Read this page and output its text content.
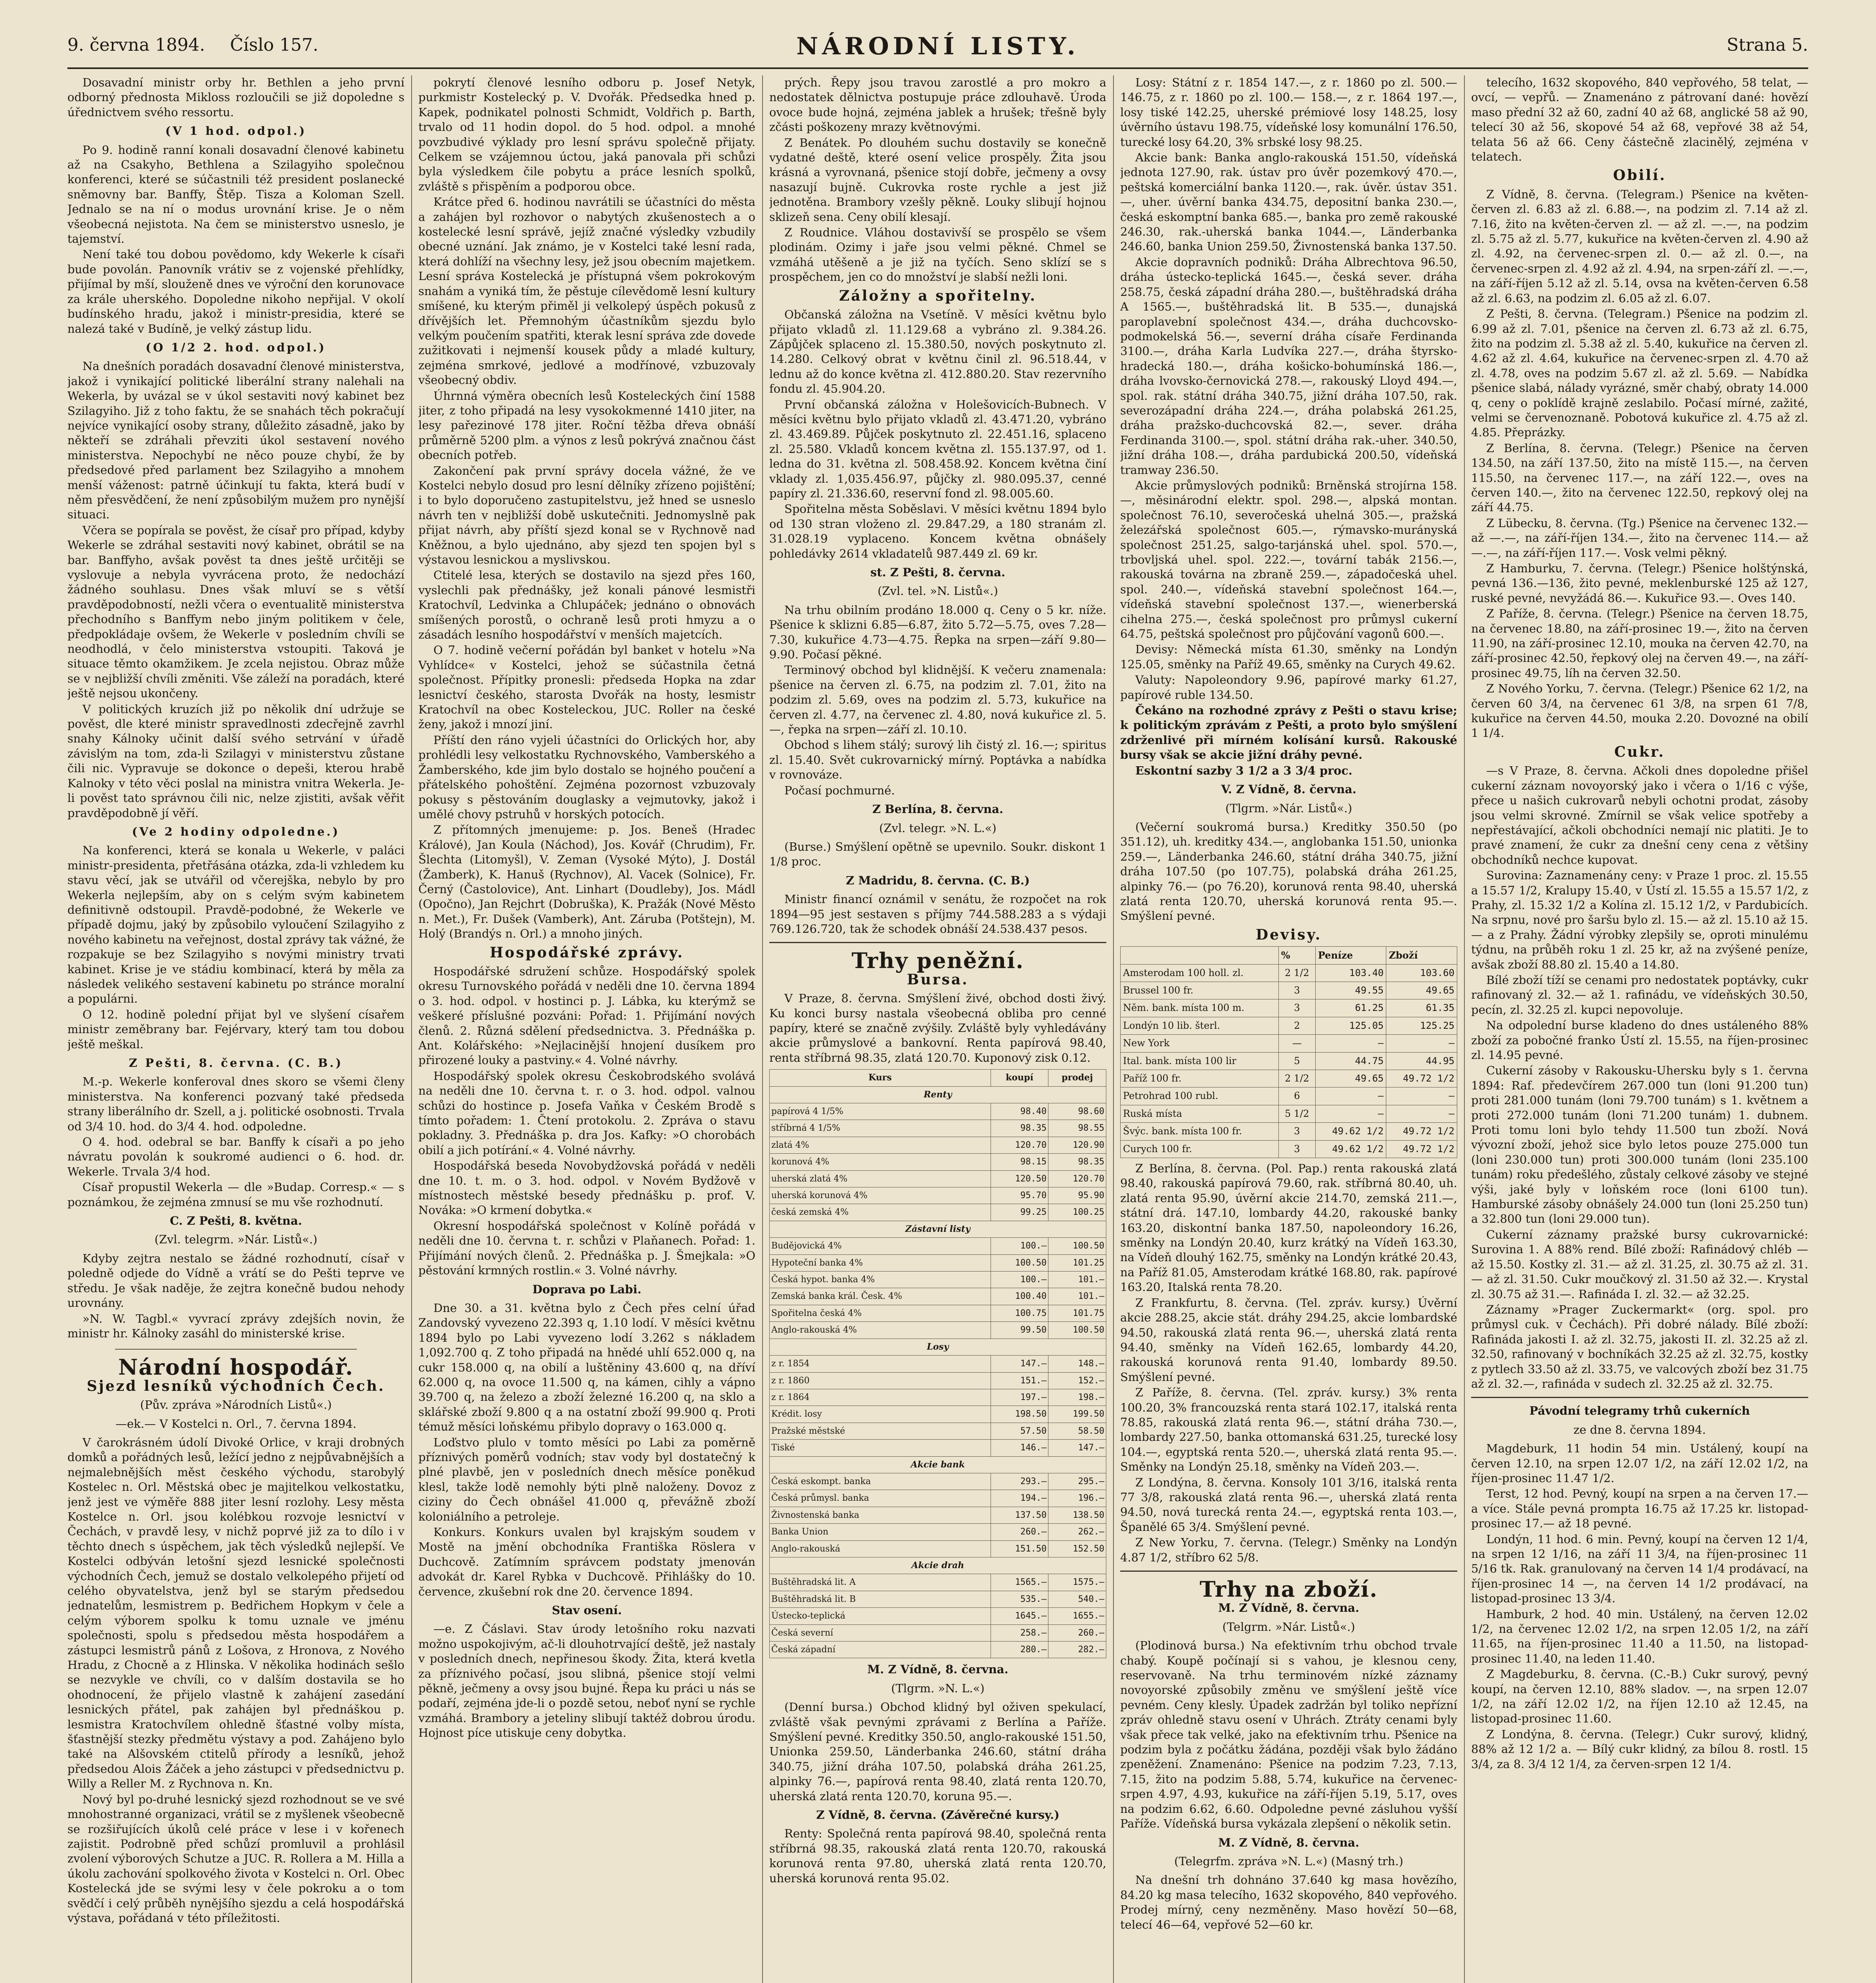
9. června 1894. Číslo 157.	NÁRODNÍ LISTY.	Strana 5.

Dosavadní ministr orby hr. Bethlen a jeho první odborný přednosta Mikloss rozloučili se již dopoledne s úřednictvem svého ressortu.

(V 1 hod. odpol.)

Po 9. hodině ranní konali dosavadní členové kabinetu až na Csakyho, Bethlena a Szilagyiho společnou konferenci, které se súčastnili též president poslanecké sněmovny bar. Banffy, Štěp. Tisza a Koloman Szell. Jednalo se na ní o modus urovnání krise. Je o něm všeobecná nejistota. Na čem se ministerstvo usneslo, je tajemství.

Není také tou dobou povědomo, kdy Wekerle k císaři bude povolán. Panovník vrátiv se z vojenské přehlídky, přijímal by mší, slouženě dnes ve výroční den korunovace za krále uherského. Dopoledne nikoho nepřijal. V okolí budínského hradu, jakož i ministr-presidia, které se nalezá také v Budíně, je velký zástup lidu.

(O 1/2 2. hod. odpol.)

Na dnešních poradách dosavadní členové ministerstva, jakož i vynikající politické liberální strany nalehali na Wekerla, by uvázal se v úkol sestaviti nový kabinet bez Szilagyiho. Již z toho faktu, že se snahách těch pokračují nejvíce vynikající osoby strany, důležito zásadně, jako by někteří se zdráhali převziti úkol sestavení nového ministerstva. Nepochybí ne něco pouze chybí, že by předsedové před parlament bez Szilagyiho a mnohem menší váženost: patrně účinkují tu fakta, která budí v něm přesvědčení, že není způsobilým mužem pro nynější situaci.

Včera se popírala se pověst, že císař pro případ, kdyby Wekerle se zdráhal sestaviti nový kabinet, obrátil se na bar. Banffyho, avšak pověst ta dnes ještě určitěji se vyslovuje a nebyla vyvrácena proto, že nedochází žádného souhlasu. Dnes však mluví se s větší pravděpodobností, nežli včera o eventualitě ministerstva přechodního s Banffym nebo jiným politikem v čele, předpokládaje ovšem, že Wekerle v posledním chvíli se neodhodlá, v čelo ministerstva vstoupiti. Taková je situace těmto okamžikem. Je zcela nejistou. Obraz může se v nejbližší chvíli změniti. Vše záleží na poradách, které ještě nejsou ukončeny.

V politických kruzích již po několik dní udržuje se pověst, dle které ministr spravedlnosti zdecřejně zavrhl snahy Kálnoky učinit další svého setrvání v úřadě závislým na tom, zda-li Szilagyi v ministerstvu zůstane čili nic. Vypravuje se dokonce o depeši, kterou hrabě Kalnoky v této věci poslal na ministra vnitra Wekerla. Je-li pověst tato správnou čili nic, nelze zjistiti, avšak věřit pravděpodobně jí věří.

(Ve 2 hodiny odpoledne.)

Na konferenci, která se konala u Wekerle, v paláci ministr-presidenta, přetřásána otázka, zda-li vzhledem ku stavu věcí, jak se utvářil od včerejška, nebylo by pro Wekerla nejlepším, aby on s celým svým kabinetem definitivně odstoupil. Pravdě-podobné, že Wekerle ve případě dojmu, jaký by způsobilo vyloučení Szilagyiho z nového kabinetu na veřejnost, dostal zprávy tak vážné, že rozpakuje se bez Szilagyiho s novými ministry trvati kabinet. Krise je ve stádiu kombinací, která by měla za následek velikého sestavení kabinetu po stránce moralní a populárni.

O 12. hodině polední přijat byl ve slyšení císařem ministr zeměbrany bar. Fejérvary, který tam tou dobou ještě meškal.

Z Pešti, 8. června. (C. B.)

M.-p. Wekerle konferoval dnes skoro se všemi členy ministerstva. Na konferenci pozvaný také předseda strany liberálního dr. Szell, a j. politické osobnosti. Trvala od 3/4 10. hod. do 3/4 4. hod. odpoledne.

O 4. hod. odebral se bar. Banffy k císaři a po jeho návratu povolán k soukromé audienci o 6. hod. dr. Wekerle. Trvala 3/4 hod.

Císař propustil Wekerla — dle »Budap. Corresp.« — s poznámkou, že zejména zmnusí se mu vše rozhodnutí.

C. Z Pešti, 8. května.

(Zvl. telegrm. »Nár. Listů«.)

Kdyby zejtra nestalo se žádné rozhodnutí, císař v poledně odjede do Vídně a vrátí se do Pešti teprve ve středu. Je však naděje, že zejtra konečně budou nehody urovnány.

»N. W. Tagbl.« vyvrací zprávy zdejších novin, že ministr hr. Kálnoky zasáhl do ministerské krise.

Národní hospodář.
Sjezd lesníků východních Čech.

(Pův. zpráva »Národních Listů«.)

—ek.— V Kostelci n. Orl., 7. června 1894.

V čarokrásném údolí Divoké Orlice, v kraji drobných domků a pořádných lesů, ležící jedno z nejpůvabnějších a nejmalebnějších měst českého východu, starobylý Kostelec n. Orl. Městská obec je majitelkou velkostatku, jenž jest ve výměře 888 jiter lesní rozlohy. Lesy města Kostelce n. Orl. jsou kolébkou rozvoje lesnictví v Čechách, v pravdě lesy, v nichž poprvé již za to dílo i v těchto dnech s úspěchem, jak těch výsledků nejlepší. Ve Kostelci odbýván letošní sjezd lesnické společnosti východních Čech, jemuž se dostalo velkolepého přijetí od celého obyvatelstva, jenž byl se starým předsedou jednatelům, lesmistrem p. Bedřichem Hopkym v čele a celým výborem spolku k tomu uznale ve jménu společnosti, spolu s předsedou města hospodářem a zástupci lesmistrů pánů z Lošova, z Hronova, z Nového Hradu, z Chocně a z Hlinska. V několika hodinách sešlo se nezvykle ve chvíli, co v dalším dostavila se ho ohodnocení, že přijelo vlastně k zahájení zasedání lesnických přátel, pak zahájen byl přednáškou p. lesmistra Kratochvílem ohledně šťastné volby místa, šťastnější stezky předmětu výstavy a pod. Zahájeno bylo také na Alšovském ctitelů přírody a lesníků, jehož předsedou Alois Žáček a jeho zástupci v předsednictvu p. Willy a Reller M. z Rychnova n. Kn.

Nový byl po-druhé lesnický sjezd rozhodnout se ve své mnohostranné organizaci, vrátil se z myšlenek všeobecně se rozšiřujících úkolů celé práce v lese i v kořenech zajistit. Podrobně před schůzí promluvil a prohlásil zvolení výborových Schutze a JUC. R. Rollera a M. Hilla a úkolu zachování spolkového života v Kostelci n. Orl. Obec Kostelecká jde se svými lesy v čele pokroku a o tom svědčí i celý průběh nynějšího sjezdu a celá hospodářská výstava, pořádaná v této příležitosti.

pokrytí členové lesního odboru p. Josef Netyk, purkmistr Kostelecký p. V. Dvořák. Předsedka hned p. Kapek, podnikatel polnosti Schmidt, Voldřich p. Barth, trvalo od 11 hodin dopol. do 5 hod. odpol. a mnohé povzbudivé výklady pro lesní správu společně přijaty. Celkem se vzájemnou úctou, jaká panovala při schůzi byla výsledkem čile pobytu a práce lesních spolků, zvláště s přispěním a podporou obce.

Krátce před 6. hodinou navrátili se účastníci do města a zahájen byl rozhovor o nabytých zkušenostech a o kostelecké lesní správě, jejíž značné výsledky vzbudily obecné uznání. Jak známo, je v Kostelci také lesní rada, která dohlíží na všechny lesy, jež jsou obecním majetkem. Lesní správa Kostelecká je přístupná všem pokrokovým snahám a vyniká tím, že pěstuje cílevědomě lesní kultury smíšené, ku kterým přiměl ji velkolepý úspěch pokusů z dřívějších let. Přemnohým účastníkům sjezdu bylo velkým poučením spatřiti, kterak lesní správa zde dovede zužitkovati i nejmenší kousek půdy a mladé kultury, zejména smrkové, jedlové a modřínové, vzbuzovaly všeobecný obdiv.

Úhrnná výměra obecních lesů Kosteleckých činí 1588 jiter, z toho připadá na lesy vysokokmenné 1410 jiter, na lesy pařezinové 178 jiter. Roční těžba dřeva obnáší průměrně 5200 plm. a výnos z lesů pokrývá značnou část obecních potřeb.

Zakončení pak první správy docela vážné, že ve Kostelci nebylo dosud pro lesní dělníky zřízeno pojištění; i to bylo doporučeno zastupitelstvu, jež hned se usneslo návrh ten v nejbližší době uskutečniti. Jednomyslně pak přijat návrh, aby příští sjezd konal se v Rychnově nad Kněžnou, a bylo ujednáno, aby sjezd ten spojen byl s výstavou lesnickou a myslivskou.

Ctitelé lesa, kterých se dostavilo na sjezd přes 160, vyslechli pak přednášky, jež konali pánové lesmistři Kratochvíl, Ledvinka a Chlupáček; jednáno o obnovách smíšených porostů, o ochraně lesů proti hmyzu a o zásadách lesního hospodářství v menších majetcích.

O 7. hodině večerní pořádán byl banket v hotelu »Na Vyhlídce« v Kostelci, jehož se súčastnila četná společnost. Přípitky pronesli: předseda Hopka na zdar lesnictví českého, starosta Dvořák na hosty, lesmistr Kratochvíl na obec Kosteleckou, JUC. Roller na české ženy, jakož i mnozí jiní.

Příští den ráno vyjeli účastníci do Orlických hor, aby prohlédli lesy velkostatku Rychnovského, Vamberského a Žamberského, kde jim bylo dostalo se hojného poučení a přátelského pohoštění. Zejména pozornost vzbuzovaly pokusy s pěstováním douglasky a vejmutovky, jakož i umělé chovy pstruhů v horských potocích.

Z přítomných jmenujeme: p. Jos. Beneš (Hradec Králové), Jan Koula (Náchod), Jos. Kovář (Chrudim), Fr. Šlechta (Litomyšl), V. Zeman (Vysoké Mýto), J. Dostál (Žamberk), K. Hanuš (Rychnov), Al. Vacek (Solnice), Fr. Černý (Častolovice), Ant. Linhart (Doudleby), Jos. Mádl (Opočno), Jan Rejchrt (Dobruška), K. Pražák (Nové Město n. Met.), Fr. Dušek (Vamberk), Ant. Záruba (Potštejn), M. Holý (Brandýs n. Orl.) a mnoho jiných.

Hospodářské zprávy.

Hospodářské sdružení schůze. Hospodářský spolek okresu Turnovského pořádá v neděli dne 10. června 1894 o 3. hod. odpol. v hostinci p. J. Lábka, ku kterýmž se veškeré příslušné pozváni: Pořad: 1. Přijímání nových členů. 2. Různá sdělení předsednictva. 3. Přednáška p. Ant. Kolářského: »Nejlacinější hnojení dusíkem pro přirozené louky a pastviny.« 4. Volné návrhy.

Hospodářský spolek okresu Českobrodského svolává na neděli dne 10. června t. r. o 3. hod. odpol. valnou schůzi do hostince p. Josefa Vaňka v Českém Brodě s tímto pořadem: 1. Čtení protokolu. 2. Zpráva o stavu pokladny. 3. Přednáška p. dra Jos. Kafky: »O chorobách obilí a jich potírání.« 4. Volné návrhy.

Hospodářská beseda Novobydžovská pořádá v neděli dne 10. t. m. o 3. hod. odpol. v Novém Bydžově v místnostech městské besedy přednášku p. prof. V. Nováka: »O krmení dobytka.«

Okresní hospodářská společnost v Kolíně pořádá v neděli dne 10. června t. r. schůzi v Plaňanech. Pořad: 1. Přijímání nových členů. 2. Přednáška p. J. Šmejkala: »O pěstování krmných rostlin.« 3. Volné návrhy.

Doprava po Labi.

Dne 30. a 31. května bylo z Čech přes celní úřad Zandovský vyvezeno 22.393 q, 1.10 lodí. V měsíci květnu 1894 bylo po Labi vyvezeno lodí 3.262 s nákladem 1,092.700 q. Z toho připadá na hnědé uhlí 652.000 q, na cukr 158.000 q, na obilí a luštěniny 43.600 q, na dříví 62.000 q, na ovoce 11.500 q, na kámen, cihly a vápno 39.700 q, na železo a zboží železné 16.200 q, na sklo a sklářské zboží 9.800 q a na ostatní zboží 99.900 q. Proti témuž měsíci loňskému přibylo dopravy o 163.000 q.

Loďstvo plulo v tomto měsíci po Labi za poměrně příznivých poměrů vodních; stav vody byl dostatečný k plné plavbě, jen v posledních dnech měsíce poněkud klesl, takže lodě nemohly býti plně naloženy. Dovoz z ciziny do Čech obnášel 41.000 q, převážně zboží koloniálního a petroleje.

Konkurs. Konkurs uvalen byl krajským soudem v Mostě na jmění obchodníka Františka Röslera v Duchcově. Zatímním správcem podstaty jmenován advokát dr. Karel Rybka v Duchcově. Přihlášky do 10. července, zkušební rok dne 20. července 1894.

Stav osení.

—e. Z Čáslavi. Stav úrody letošního roku nazvati možno uspokojivým, ač-li dlouhotrvající deště, jež nastaly v posledních dnech, nepřinesou škody. Žita, která kvetla za příznivého počasí, jsou slibná, pšenice stojí velmi pěkně, ječmeny a ovsy jsou bujné. Řepa ku práci u nás se podaří, zejména jde-li o pozdě setou, neboť nyní se rychle vzmáhá. Brambory a jeteliny slibují taktéž dobrou úrodu. Hojnost píce utiskuje ceny dobytka.

prých. Řepy jsou travou zarostlé a pro mokro a nedostatek dělnictva postupuje práce zdlouhavě. Úroda ovoce bude hojná, zejména jablek a hrušek; třešně byly zčásti poškozeny mrazy květnovými.

Z Benátek. Po dlouhém suchu dostavily se konečně vydatné deště, které osení velice prospěly. Žita jsou krásná a vyrovnaná, pšenice stojí dobře, ječmeny a ovsy nasazují bujně. Cukrovka roste rychle a jest již jednotěna. Brambory vzešly pěkně. Louky slibují hojnou sklizeň sena. Ceny obilí klesají.

Z Roudnice. Vláhou dostavivší se prospělo se všem plodinám. Ozimy i jaře jsou velmi pěkné. Chmel se vzmáhá utěšeně a je již na tyčích. Seno sklízí se s prospěchem, jen co do množství je slabší nežli loni.

Záložny a spořitelny.

Občanská záložna na Vsetíně. V měsíci květnu bylo přijato vkladů zl. 11.129.68 a vybráno zl. 9.384.26. Zápůjček splaceno zl. 15.380.50, nových poskytnuto zl. 14.280. Celkový obrat v květnu činil zl. 96.518.44, v lednu až do konce května zl. 412.880.20. Stav rezervního fondu zl. 45.904.20.

První občanská záložna v Holešovicích-Bubnech. V měsíci květnu bylo přijato vkladů zl. 43.471.20, vybráno zl. 43.469.89. Půjček poskytnuto zl. 22.451.16, splaceno zl. 25.580. Vkladů koncem května zl. 155.137.97, od 1. ledna do 31. května zl. 508.458.92. Koncem května činí vklady zl. 1,035.456.97, půjčky zl. 980.095.37, cenné papíry zl. 21.336.60, reservní fond zl. 98.005.60.

Spořitelna města Soběslavi. V měsíci květnu 1894 bylo od 130 stran vloženo zl. 29.847.29, a 180 stranám zl. 31.028.19 vyplaceno. Koncem května obnášely pohledávky 2614 vkladatelů 987.449 zl. 69 kr.

st. Z Pešti, 8. června.

(Zvl. tel. »N. Listů«.)

Na trhu obilním prodáno 18.000 q. Ceny o 5 kr. níže. Pšenice k sklizni 6.85—6.87, žito 5.72—5.75, oves 7.28—7.30, kukuřice 4.73—4.75. Řepka na srpen—září 9.80—9.90. Počasí pěkné.

Terminový obchod byl klidnější. K večeru znamenala: pšenice na červen zl. 6.75, na podzim zl. 7.01, žito na podzim zl. 5.69, oves na podzim zl. 5.73, kukuřice na červen zl. 4.77, na červenec zl. 4.80, nová kukuřice zl. 5.—, řepka na srpen—září zl. 10.10.

Obchod s lihem stálý; surový lih čistý zl. 16.—; spiritus zl. 15.40. Svět cukrovarnický mírný. Poptávka a nabídka v rovnováze.

Počasí pochmurné.

Z Berlína, 8. června.

(Zvl. telegr. »N. L.«)

(Burse.) Smýšlení opětně se upevnilo. Soukr. diskont 1 1/8 proc.

Z Madridu, 8. června. (C. B.)

Ministr financí oznámil v senátu, že rozpočet na rok 1894—95 jest sestaven s příjmy 744.588.283 a s výdaji 769.126.720, tak že schodek obnáší 24.538.437 pesos.

Trhy peněžní.
Bursa.

V Praze, 8. června. Smýšlení živé, obchod dosti živý. Ku konci bursy nastala všeobecná obliba pro cenné papíry, které se značně zvýšily. Zvláště byly vyhledávány akcie průmyslové a bankovní. Renta papírová 98.40, renta stříbrná 98.35, zlatá 120.70. Kuponový zisk 0.12.

Kurs	koupí	prodej
Renty		
papírová 4 1/5%	98.40	98.60
stříbrná 4 1/5%	98.35	98.55
zlatá 4%	120.70	120.90
korunová 4%	98.15	98.35
uherská zlatá 4%	120.50	120.70
uherská korunová 4%	95.70	95.90
česká zemská 4%	99.25	100.25
Zástavní listy		
Budějovická 4%	100.—	100.50
Hypoteční banka 4%	100.50	101.25
Česká hypot. banka 4%	100.—	101.—
Zemská banka král. Česk. 4%	100.40	101.—
Spořitelna česká 4%	100.75	101.75
Anglo-rakouská 4%	99.50	100.50
Losy		
z r. 1854	147.—	148.—
z r. 1860	151.—	152.—
z r. 1864	197.—	198.—
Krédit. losy	198.50	199.50
Pražské městské	57.50	58.50
Tiské	146.—	147.—
Akcie bank		
Česká eskompt. banka	293.—	295.—
Česká průmysl. banka	194.—	196.—
Živnostenská banka	137.50	138.50
Banka Union	260.—	262.—
Anglo-rakouská	151.50	152.50
Akcie drah		
Buštěhradská lit. A	1565.—	1575.—
Buštěhradská lit. B	535.—	540.—
Ústecko-teplická	1645.—	1655.—
Česká severní	258.—	260.—
Česká západní	280.—	282.—

M. Z Vídně, 8. června.

(Tlgrm. »N. L.«)

(Denní bursa.) Obchod klidný byl oživen spekulací, zvláště však pevnými zprávami z Berlína a Paříže. Smýšlení pevné. Kreditky 350.50, anglo-rakouské 151.50, Unionka 259.50, Länderbanka 246.60, státní dráha 340.75, jižní dráha 107.50, polabská dráha 261.25, alpinky 76.—, papírová renta 98.40, zlatá renta 120.70, uherská zlatá renta 120.70, koruna 95.—.

Z Vídně, 8. června. (Závěrečné kursy.)

Renty: Společná renta papírová 98.40, společná renta stříbrná 98.35, rakouská zlatá renta 120.70, rakouská korunová renta 97.80, uherská zlatá renta 120.70, uherská korunová renta 95.02.

Losy: Státní z r. 1854 147.—, z r. 1860 po zl. 500.— 146.75, z r. 1860 po zl. 100.— 158.—, z r. 1864 197.—, losy tiské 142.25, uherské prémiové losy 148.25, losy úvěrního ústavu 198.75, vídeňské losy komunální 176.50, turecké losy 64.20, 3% srbské losy 98.25.

Akcie bank: Banka anglo-rakouská 151.50, vídeňská jednota 127.90, rak. ústav pro úvěr pozemkový 470.—, peštská komerciální banka 1120.—, rak. úvěr. ústav 351.—, uher. úvěrní banka 434.75, depositní banka 230.—, česká eskomptní banka 685.—, banka pro země rakouské 246.30, rak.-uherská banka 1044.—, Länderbanka 246.60, banka Union 259.50, Živnostenská banka 137.50.

Akcie dopravních podniků: Dráha Albrechtova 96.50, dráha ústecko-teplická 1645.—, česká sever. dráha 258.75, česká západní dráha 280.—, buštěhradská dráha A 1565.—, buštěhradská lit. B 535.—, dunajská paroplavební společnost 434.—, dráha duchcovsko-podmokelská 56.—, severní dráha císaře Ferdinanda 3100.—, dráha Karla Ludvíka 227.—, dráha štyrsko-hradecká 180.—, dráha košicko-bohumínská 186.—, dráha lvovsko-černovická 278.—, rakouský Lloyd 494.—, spol. rak. státní dráha 340.75, jižní dráha 107.50, rak. severozápadní dráha 224.—, dráha polabská 261.25, dráha pražsko-duchcovská 82.—, sever. dráha Ferdinanda 3100.—, spol. státní dráha rak.-uher. 340.50, jižní dráha 108.—, dráha pardubická 200.50, vídeňská tramway 236.50.

Akcie průmyslových podniků: Brněnská strojírna 158.—, měsinárodní elektr. spol. 298.—, alpská montan. společnost 76.10, severočeská uhelná 305.—, pražská železářská společnost 605.—, rýmavsko-murányská společnost 251.25, salgo-tarjánská uhel. spol. 570.—, trbovljská uhel. spol. 222.—, tovární tabák 2156.—, rakouská továrna na zbraně 259.—, západočeská uhel. spol. 240.—, vídeňská stavební společnost 164.—, vídeňská stavební společnost 137.—, wienerberská cihelna 275.—, česká společnost pro průmysl cukerní 64.75, peštská společnost pro půjčování vagonů 600.—.

Devisy: Německá místa 61.30, směnky na Londýn 125.05, směnky na Paříž 49.65, směnky na Curych 49.62.

Valuty: Napoleondory 9.96, papírové marky 61.27, papírové ruble 134.50.

Čekáno na rozhodné zprávy z Pešti o stavu krise; k politickým zprávám z Pešti, a proto bylo smýšlení zdrženlivé při mírném kolísání kursů. Rakouské bursy však se akcie jižní dráhy pevné.

Eskontní sazby 3 1/2 a 3 3/4 proc.

V. Z Vídně, 8. června.

(Tlgrm. »Nár. Listů«.)

(Večerní soukromá bursa.) Kreditky 350.50 (po 351.12), uh. kreditky 434.—, anglobanka 151.50, unionka 259.—, Länderbanka 246.60, státní dráha 340.75, jižní dráha 107.50 (po 107.75), polabská dráha 261.25, alpinky 76.— (po 76.20), korunová renta 98.40, uherská zlatá renta 120.70, uherská korunová renta 95.—. Smýšlení pevné.

Devisy.
	%	Peníze	Zboží
Amsterodam 100 holl. zl.	2 1/2	103.40	103.60
Brussel 100 fr.	3	49.55	49.65
Něm. bank. místa 100 m.	3	61.25	61.35
Londýn 10 lib. šterl.	2	125.05	125.25
New York	—	—	—
Ital. bank. místa 100 lir	5	44.75	44.95
Paříž 100 fr.	2 1/2	49.65	49.72 1/2
Petrohrad 100 rubl.	6	—	—
Ruská místa	5 1/2	—	—
Švýc. bank. místa 100 fr.	3	49.62 1/2	49.72 1/2
Curych 100 fr.	3	49.62 1/2	49.72 1/2

Z Berlína, 8. června. (Pol. Pap.) renta rakouská zlatá 98.40, rakouská papírová 79.60, rak. stříbrná 80.40, uh. zlatá renta 95.90, úvěrní akcie 214.70, zemská 211.—, státní drá. 147.10, lombardy 44.20, rakouské banky 163.20, diskontní banka 187.50, napoleondory 16.26, směnky na Londýn 20.40, kurz krátký na Vídeň 163.30, na Vídeň dlouhý 162.75, směnky na Londýn krátké 20.43, na Paříž 81.05, Amsterodam krátké 168.80, rak. papírové 163.20, Italská renta 78.20.

Z Frankfurtu, 8. června. (Tel. zpráv. kursy.) Úvěrní akcie 288.25, akcie stát. dráhy 294.25, akcie lombardské 94.50, rakouská zlatá renta 96.—, uherská zlatá renta 94.40, směnky na Vídeň 162.65, lombardy 44.20, rakouská korunová renta 91.40, lombardy 89.50. Smýšlení pevné.

Z Paříže, 8. června. (Tel. zpráv. kursy.) 3% renta 100.20, 3% francouzská renta stará 102.17, italská renta 78.85, rakouská zlatá renta 96.—, státní dráha 730.—, lombardy 227.50, banka ottomanská 631.25, turecké losy 104.—, egyptská renta 520.—, uherská zlatá renta 95.—. Směnky na Londýn 25.18, směnky na Vídeň 203.—.

Z Londýna, 8. června. Konsoly 101 3/16, italská renta 77 3/8, rakouská zlatá renta 96.—, uherská zlatá renta 94.50, nová turecká renta 24.—, egyptská renta 103.—, Španělé 65 3/4. Smýšlení pevné.

Z New Yorku, 7. června. (Telegr.) Směnky na Londýn 4.87 1/2, stříbro 62 5/8.

Trhy na zboží.

M. Z Vídně, 8. června.

(Telgrm. »Nár. Listů«.)

(Plodinová bursa.) Na efektivním trhu obchod trvale chabý. Koupě počínají si s vahou, je klesnou ceny, reservovaně. Na trhu terminovém nízké záznamy novoyorské způsobily změnu ve smýšlení ještě více pevném. Ceny klesly. Úpadek zadržán byl toliko nepřízní zpráv ohledně stavu osení v Uhrách. Ztráty cenami byly však přece tak velké, jako na efektivním trhu. Pšenice na podzim byla z počátku žádána, později však bylo žádáno zpeněžení. Znamenáno: Pšenice na podzim 7.23, 7.13, 7.15, žito na podzim 5.88, 5.74, kukuřice na červenec-srpen 4.97, 4.93, kukuřice na září-říjen 5.19, 5.17, oves na podzim 6.62, 6.60. Odpoledne pevné zásluhou vyšší Paříže. Vídeňská bursa vykázala zlepšení o několik setin.

M. Z Vídně, 8. června.

(Telegrfm. zpráva »N. L.«) (Masný trh.)

Na dnešní trh dohnáno 37.640 kg masa hovězího, 84.20 kg masa telecího, 1632 skopového, 840 vepřového. Prodej mírný, ceny nezměněny. Maso hovězí 50—68, telecí 46—64, vepřové 52—60 kr.

telecího, 1632 skopového, 840 vepřového, 58 telat, — ovcí, — vepřů. — Znamenáno z pátrovaní dané: hovězí maso přední 32 až 60, zadní 40 až 68, anglické 58 až 90, telecí 30 až 56, skopové 54 až 68, vepřové 38 až 54, telata 56 až 66. Ceny částečně zlacinělý, zejména v telatech.

Obilí.

Z Vídně, 8. června. (Telegram.) Pšenice na květen-červen zl. 6.83 až zl. 6.88.—, na podzim zl. 7.14 až zl. 7.16, žito na květen-červen zl. — až zl. —.—, na podzim zl. 5.75 až zl. 5.77, kukuřice na květen-červen zl. 4.90 až zl. 4.92, na červenec-srpen zl. 0.— až zl. 0.—, na červenec-srpen zl. 4.92 až zl. 4.94, na srpen-září zl. —.—, na září-říjen 5.12 až zl. 5.14, ovsa na květen-červen 6.58 až zl. 6.63, na podzim zl. 6.05 až zl. 6.07.

Z Pešti, 8. června. (Telegram.) Pšenice na podzim zl. 6.99 až zl. 7.01, pšenice na červen zl. 6.73 až zl. 6.75, žito na podzim zl. 5.38 až zl. 5.40, kukuřice na červen zl. 4.62 až zl. 4.64, kukuřice na červenec-srpen zl. 4.70 až zl. 4.78, oves na podzim 5.67 zl. až zl. 5.69. — Nabídka pšenice slabá, nálady vyrázné, směr chabý, obraty 14.000 q, ceny o poklídě krajně zeslabilo. Počasí mírné, zažité, velmi se červenoznaně. Pobotová kukuřice zl. 4.75 až zl. 4.85. Přeprázky.

Z Berlína, 8. června. (Telegr.) Pšenice na červen 134.50, na září 137.50, žito na místě 115.—, na červen 115.50, na červenec 117.—, na září 122.—, oves na červen 140.—, žito na červenec 122.50, repkový olej na září 44.75.

Z Lübecku, 8. června. (Tg.) Pšenice na červenec 132.— až —.—, na září-říjen 134.—, žito na červenec 114.— až —.—, na září-říjen 117.—. Vosk velmi pěkný.

Z Hamburku, 7. června. (Telegr.) Pšenice holštýnská, pevná 136.—136, žito pevné, meklenburské 125 až 127, ruské pevné, nevyžádá 86.—. Kukuřice 93.—. Oves 140.

Z Paříže, 8. června. (Telegr.) Pšenice na červen 18.75, na červenec 18.80, na září-prosinec 19.—, žito na červen 11.90, na září-prosinec 12.10, mouka na červen 42.70, na září-prosinec 42.50, řepkový olej na červen 49.—, na září-prosinec 49.75, líh na červen 32.50.

Z Nového Yorku, 7. června. (Telegr.) Pšenice 62 1/2, na červen 60 3/4, na červenec 61 3/8, na srpen 61 7/8, kukuřice na červen 44.50, mouka 2.20. Dovozné na obilí 1 1/4.

Cukr.

—s V Praze, 8. června. Ačkoli dnes dopoledne přišel cukerní záznam novoyorský jako i včera o 1/16 c výše, přece u našich cukrovarů nebyli ochotni prodat, zásoby jsou velmi skrovné. Zmírnil se však velice spotřeby a nepřestávající, ačkoli obchodníci nemají nic platiti. Je to pravé znamení, že cukr za dnešní ceny cena z většiny obchodníků nechce kupovat.

Surovina: Zaznamenány ceny: v Praze 1 proc. zl. 15.55 a 15.57 1/2, Kralupy 15.40, v Ústí zl. 15.55 a 15.57 1/2, z Prahy, zl. 15.32 1/2 a Kolína zl. 15.12 1/2, v Pardubicích. Na srpnu, nové pro šaršu bylo zl. 15.— až zl. 15.10 až 15.— a z Prahy. Žádní výrobky zlepšily se, oproti minulému týdnu, na průběh roku 1 zl. 25 kr, až na zvýšené peníze, avšak zboží 88.80 zl. 15.40 a 14.80.

Bílé zboží tíží se cenami pro nedostatek poptávky, cukr rafinovaný zl. 32.— až 1. rafinádu, ve vídeňských 30.50, pecín, zl. 32.25 zl. kupci nepovoluje.

Na odpolední burse kladeno do dnes ustáleného 88% zboží za pobočné franko Ústí zl. 15.55, na říjen-prosinec zl. 14.95 pevné.

Cukerní zásoby v Rakousku-Uhersku byly s 1. června 1894: Raf. předevčírem 267.000 tun (loni 91.200 tun) proti 281.000 tunám (loni 79.700 tunám) s 1. květnem a proti 272.000 tunám (loni 71.200 tunám) 1. dubnem. Proti tomu loni bylo tehdy 11.500 tun zboží. Nová vývozní zboží, jehož sice bylo letos pouze 275.000 tun (loni 230.000 tun) proti 300.000 tunám (loni 235.100 tunám) roku předešlého, zůstaly celkové zásoby ve stejné výši, jaké byly v loňském roce (loni 6100 tun). Hamburské zásoby obnášely 24.000 tun (loni 25.250 tun) a 32.800 tun (loni 29.000 tun).

Cukerní záznamy pražské bursy cukrovarnické: Surovina 1. A 88% rend. Bílé zboží: Rafinádový chléb — až 15.50. Kostky zl. 31.— až zl. 31.25, zl. 30.75 až zl. 31.— až zl. 31.50. Cukr moučkový zl. 31.50 až 32.—. Krystal zl. 30.75 až 31.—. Rafináda I. zl. 32.— až 32.25.

Záznamy »Prager Zuckermarkt« (org. spol. pro průmysl cuk. v Čechách). Při dobré nálady. Bílé zboží: Rafináda jakosti I. až zl. 32.75, jakosti II. zl. 32.25 až zl. 32.50, rafinovaný v bochníkách 32.25 až zl. 32.75, kostky z pytlech 33.50 až zl. 33.75, ve valcových zboží bez 31.75 až zl. 32.—, rafináda v sudech zl. 32.25 až zl. 32.75.

Pávodní telegramy trhů cukerních

ze dne 8. června 1894.

Magdeburk, 11 hodin 54 min. Ustálený, koupí na červen 12.10, na srpen 12.07 1/2, na září 12.02 1/2, na říjen-prosinec 11.47 1/2.

Terst, 12 hod. Pevný, koupí na srpen a na červen 17.— a více. Stále pevná prompta 16.75 až 17.25 kr. listopad-prosinec 17.— až 18 pevné.

Londýn, 11 hod. 6 min. Pevný, koupí na červen 12 1/4, na srpen 12 1/16, na září 11 3/4, na říjen-prosinec 11 5/16 tk. Rak. granulovaný na červen 14 1/4 prodávací, na říjen-prosinec 14 —, na červen 14 1/2 prodávací, na listopad-prosinec 13 3/4.

Hamburk, 2 hod. 40 min. Ustálený, na červen 12.02 1/2, na červenec 12.02 1/2, na srpen 12.05 1/2, na září 11.65, na říjen-prosinec 11.40 a 11.50, na listopad-prosinec 11.40, na leden 11.40.

Z Magdeburku, 8. června. (C.-B.) Cukr surový, pevný koupí, na červen 12.10, 88% sladov. —, na srpen 12.07 1/2, na září 12.02 1/2, na říjen 12.10 až 12.45, na listopad-prosinec 11.60.

Z Londýna, 8. června. (Telegr.) Cukr surový, klidný, 88% až 12 1/2 a. — Bílý cukr klidný, za bílou 8. rostl. 15 3/4, za 8. 3/4 12 1/4, za červen-srpen 12 1/4.
